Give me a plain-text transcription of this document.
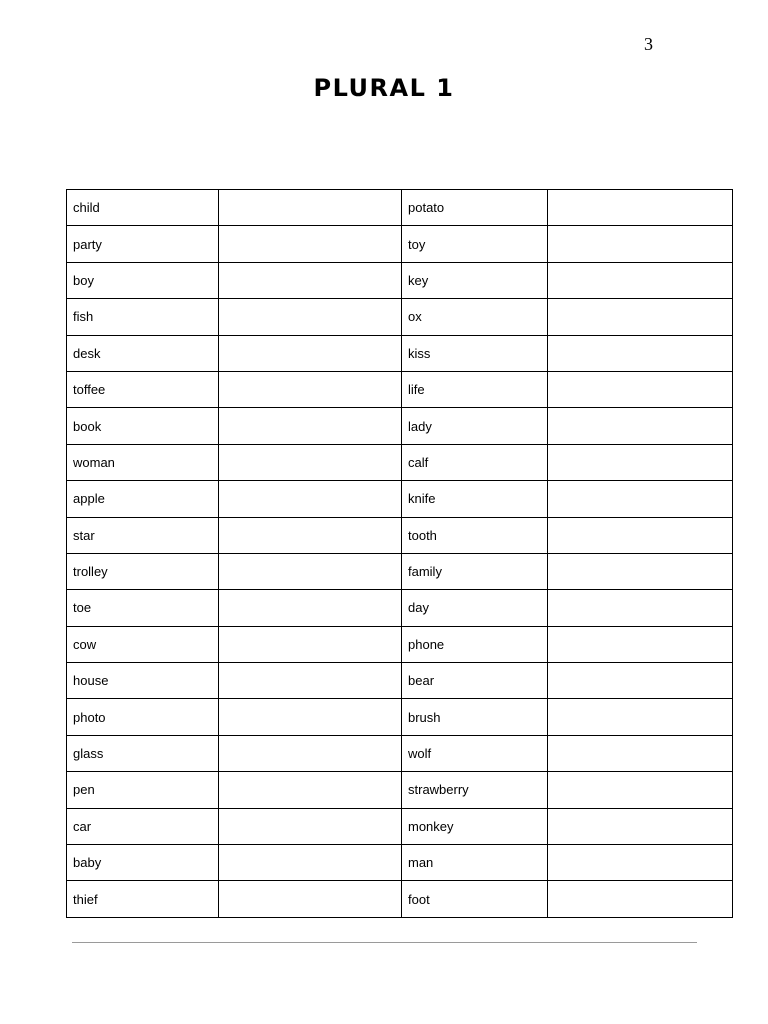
3
PLURAL 1
child		potato	
party		toy	
boy		key	
fish		ox	
desk		kiss	
toffee		life	
book		lady	
woman		calf	
apple		knife	
star		tooth	
trolley		family	
toe		day	
cow		phone	
house		bear	
photo		brush	
glass		wolf	
pen		strawberry	
car		monkey	
baby		man	
thief		foot	
